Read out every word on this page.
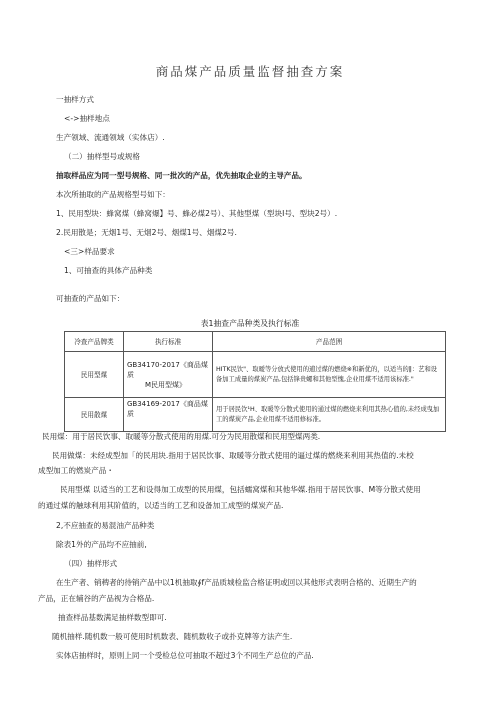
商品煤产品质量监督抽查方案
一抽样方式
<->抽样地点
生产领域、流通领域（实体店）.
（二）抽样型号或规格
抽取样品应为同一型号规格、同一批次的产品，优先抽取企业的主导产品。
本次所抽取的产品规格型号如下：
1、民用型块：蜂窝煤（蜂窝爆】号、蜂必煤2号）、其他型煤（型块I号、型块2号）.
2.民用散是；无烟1号、无烟2号、烟煤1号、烟煤2号.
<三>样品要求
1、可抽查的具体产品种类
可抽查的产品如下：
表1抽查产品种类及执行标准
冷查产品牌类	执行标准	产品范囲
民用型煤	GB34170-2017《商品煤质
M民用型煤》	HITK民饮"、取暧等分放式使用的逋过煤的燃烧※和新优的，以适当的‖：艺和设备加工成量的煤炭产品,包括锋贵螺和其他型愧,企业用煤不适用该标准."
民用散煤	GB34169-2017《商品煤质	用于居民饮¹H、取暖等分散式使用的通过煤的燃烧来利用其热心值的,未经成曳加工的煤炭产品,企业用煤不适用修标准。
民用煤：用于居民饮事、取暖等分散式使用的用煤.可分为民用散煤和民用型煤两类.
民用做煤：未经成型加「的民用块.指用于居民饮事、取暖等分散式使用的逼过煤的燃烧来利用其热值的.未校
成型加工的燃炭产品・
民用型煤 以适当的工艺和设得加工成型的民用煤，包括蠕窝煤和其他华媒.指用于居民饮事、M等分散式使用
的通过煤的触球利用其阶值的，以适当的工艺和设备加工成型的煤炭产品.
2,不应抽查的易混油产品种类
除表1外的产品均不应抽前,
（四）抽样形式
在生产者、销稗者的待销产品中以1机抽取∮f产品质城检监合格证明或回以其他形式表明合格的、近期生产的
产品，正在辅谷的产品视为合格品.
抽查样品基数满足抽样数型即可.
随机抽样.随机数一般可使用时机数表、随机数收子或扑克牌等方法产生.
实体店抽样时，原则上同一个受检总位可抽取不超过3个不同生产总位的产品.
